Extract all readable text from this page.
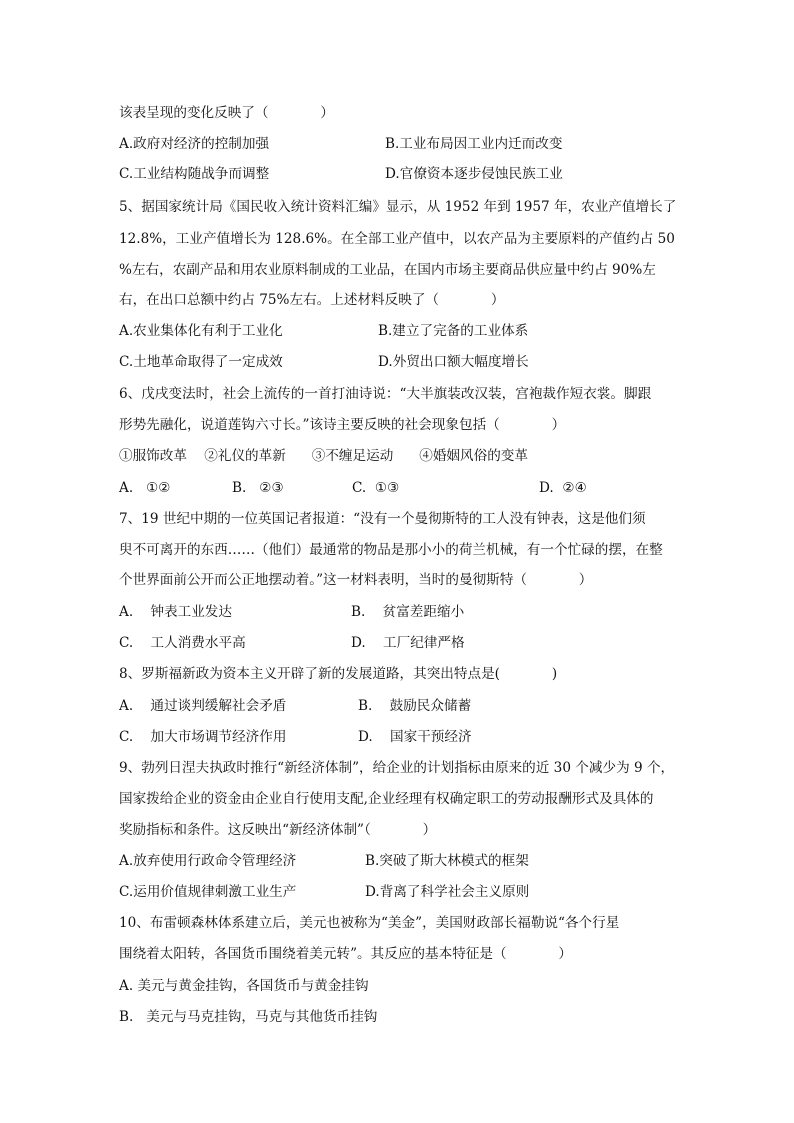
该表呈现的变化反映了（            ）
A.政府对经济的控制加强	B.工业布局因工业内迁而改变
C.工业结构随战争而调整	D.官僚资本逐步侵蚀民族工业
5、据国家统计局《国民收入统计资料汇编》显示，从 1952 年到 1957 年，农业产值增长了
12.8%，工业产值增长为 128.6%。在全部工业产值中，以农产品为主要原料的产值约占 50
%左右，农副产品和用农业原料制成的工业品，在国内市场主要商品供应量中约占 90%左
右，在出口总额中约占 75%左右。上述材料反映了（            ）
A.农业集体化有利于工业化	B.建立了完备的工业体系
C.土地革命取得了一定成效	D.外贸出口额大幅度增长
6、戊戌变法时，社会上流传的一首打油诗说：“大半旗装改汉装，宫袍裁作短衣裳。脚跟
形势先融化，说道莲钩六寸长。”该诗主要反映的社会现象包括（            ）
①服饰改革    ②礼仪的革新      ③不缠足运动      ④婚姻风俗的变革
A.   ①②	B.   ②③	C.  ①③	D.  ②④
7、19 世纪中期的一位英国记者报道：“没有一个曼彻斯特的工人没有钟表，这是他们须
臾不可离开的东西……（他们）最通常的物品是那小小的荷兰机械，有一个忙碌的摆，在整
个世界面前公开而公正地摆动着。”这一材料表明，当时的曼彻斯特（            ）
A.    钟表工业发达	B.    贫富差距缩小
C.    工人消费水平高	D.    工厂纪律严格
8、罗斯福新政为资本主义开辟了新的发展道路，其突出特点是(            )
A.    通过谈判缓解社会矛盾	B.    鼓励民众储蓄
C.    加大市场调节经济作用	D.    国家干预经济
9、勃列日涅夫执政时推行“新经济体制”，给企业的计划指标由原来的近 30 个减少为 9 个，
国家拨给企业的资金由企业自行使用支配,企业经理有权确定职工的劳动报酬形式及具体的
奖励指标和条件。这反映出“新经济体制”（            ）
A.放弃使用行政命令管理经济	B.突破了斯大林模式的框架
C.运用价值规律刺激工业生产	D.背离了科学社会主义原则
10、布雷顿森林体系建立后，美元也被称为“美金”，美国财政部长福勒说“各个行星
围绕着太阳转，各国货币围绕着美元转”。其反应的基本特征是（            ）
A. 美元与黄金挂钩，各国货币与黄金挂钩
B.   美元与马克挂钩，马克与其他货币挂钩
